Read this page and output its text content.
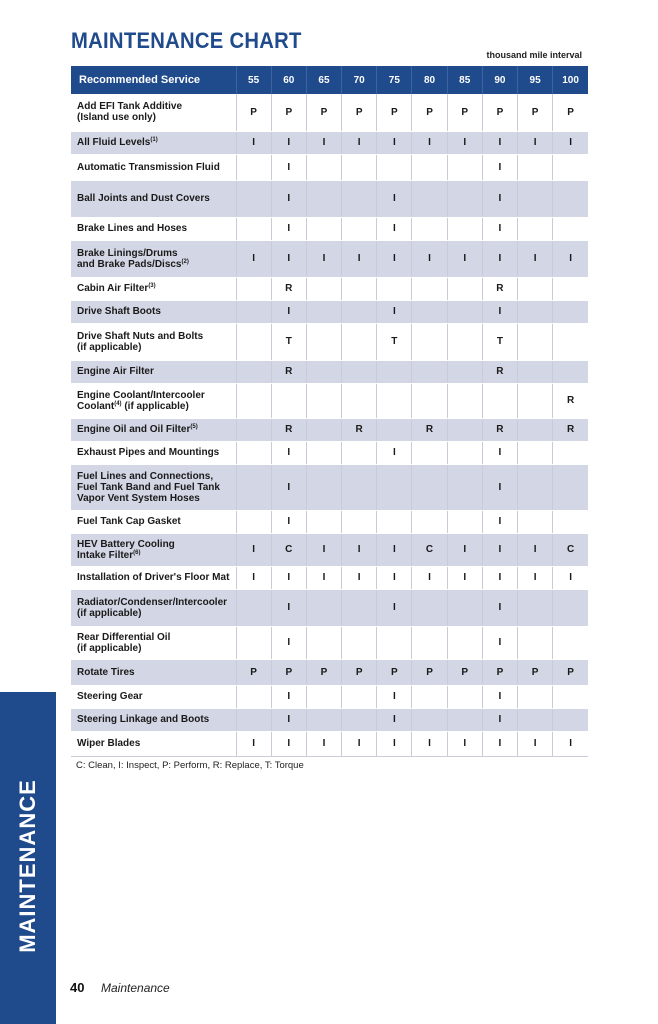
MAINTENANCE CHART
thousand mile interval
Recommended Service	55	60	65	70	75	80	85	90	95	100
Add EFI Tank Additive
(Island use only)	P	P	P	P	P	P	P	P	P	P
All Fluid Levels$^{(1)}$	I	I	I	I	I	I	I	I	I	I
Automatic Transmission Fluid		I						I		
Ball Joints and Dust Covers		I			I			I		
Brake Lines and Hoses		I			I			I		
Brake Linings/Drums
and Brake Pads/Discs$^{(2)}$	I	I	I	I	I	I	I	I	I	I
Cabin Air Filter$^{(3)}$		R						R		
Drive Shaft Boots		I			I			I		
Drive Shaft Nuts and Bolts
(if applicable)		T			T			T		
Engine Air Filter		R						R		
Engine Coolant/Intercooler
Coolant$^{(4)}$ (if applicable)										R
Engine Oil and Oil Filter$^{(5)}$		R		R		R		R		R
Exhaust Pipes and Mountings		I			I			I		
Fuel Lines and Connections,
Fuel Tank Band and Fuel Tank
Vapor Vent System Hoses		I						I		
Fuel Tank Cap Gasket		I						I		
HEV Battery Cooling
Intake Filter$^{(6)}$	I	C	I	I	I	C	I	I	I	C
Installation of Driver's Floor Mat	I	I	I	I	I	I	I	I	I	I
Radiator/Condenser/Intercooler
(if applicable)		I			I			I		
Rear Differential Oil
(if applicable)		I						I		
Rotate Tires	P	P	P	P	P	P	P	P	P	P
Steering Gear		I			I			I		
Steering Linkage and Boots		I			I			I		
Wiper Blades	I	I	I	I	I	I	I	I	I	I
C: Clean, I: Inspect, P: Perform, R: Replace, T: Torque
MAINTENANCE
40 Maintenance
